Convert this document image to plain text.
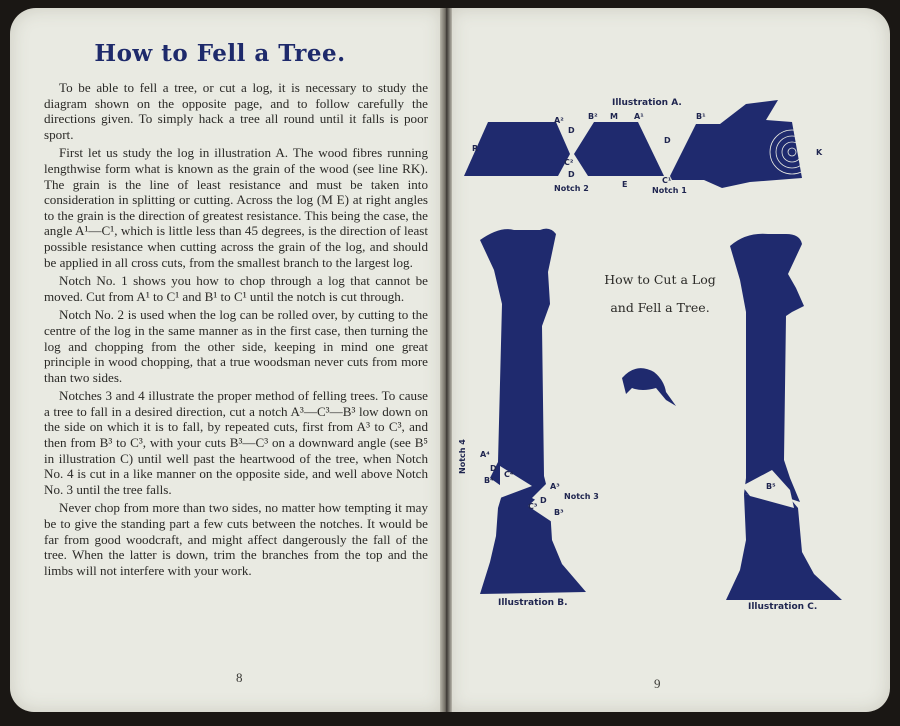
How to Fell a Tree.

To be able to fell a tree, or cut a log, it is necessary to study the diagram shown on the opposite page, and to follow carefully the directions given. To simply hack a tree all round until it falls is poor sport.

First let us study the log in illustration A. The wood fibres running lengthwise form what is known as the grain of the wood (see line RK). The grain is the line of least resistance and must be taken into consideration in splitting or cutting. Across the log (M E) at right angles to the grain is the direction of greatest resistance. This being the case, the angle A¹—C¹, which is little less than 45 degrees, is the direction of least possible resistance when cutting across the grain of the log, and should be applied in all cross cuts, from the smallest branch to the largest log.

Notch No. 1 shows you how to chop through a log that cannot be moved. Cut from A¹ to C¹ and B¹ to C¹ until the notch is cut through.

Notch No. 2 is used when the log can be rolled over, by cutting to the centre of the log in the same manner as in the first case, then turning the log and chopping from the other side, keeping in mind one great principle in wood chopping, that a true woodsman never cuts from more than two sides.

Notches 3 and 4 illustrate the proper method of felling trees. To cause a tree to fall in a desired direction, cut a notch A³—C³—B³ low down on the side on which it is to fall, by repeated cuts, first from A³ to C³, and then from B³ to C³, with your cuts B³—C³ on a downward angle (see B⁵ in illustration C) until well past the heartwood of the tree, when Notch No. 4 is cut in a like manner on the opposite side, and well above Notch No. 3 until the tree falls.

Never chop from more than two sides, no matter how tempting it may be to give the standing part a few cuts between the notches. It would be far from good woodcraft, and might affect dangerously the fall of the tree. When the latter is down, trim the branches from the top and the limbs will not interfere with your work.

8
Illustration A.
R
A²	B² M A¹	B¹
D
D
C²
D
K
Notch 2	E	C¹
Notch 1
How to Cut a Log
and Fell a Tree.
Notch 4 A⁴
D
C⁴
B⁴
A³
D
C³
B³
Notch 3
Illustration B.
B⁵
Illustration C.
9
